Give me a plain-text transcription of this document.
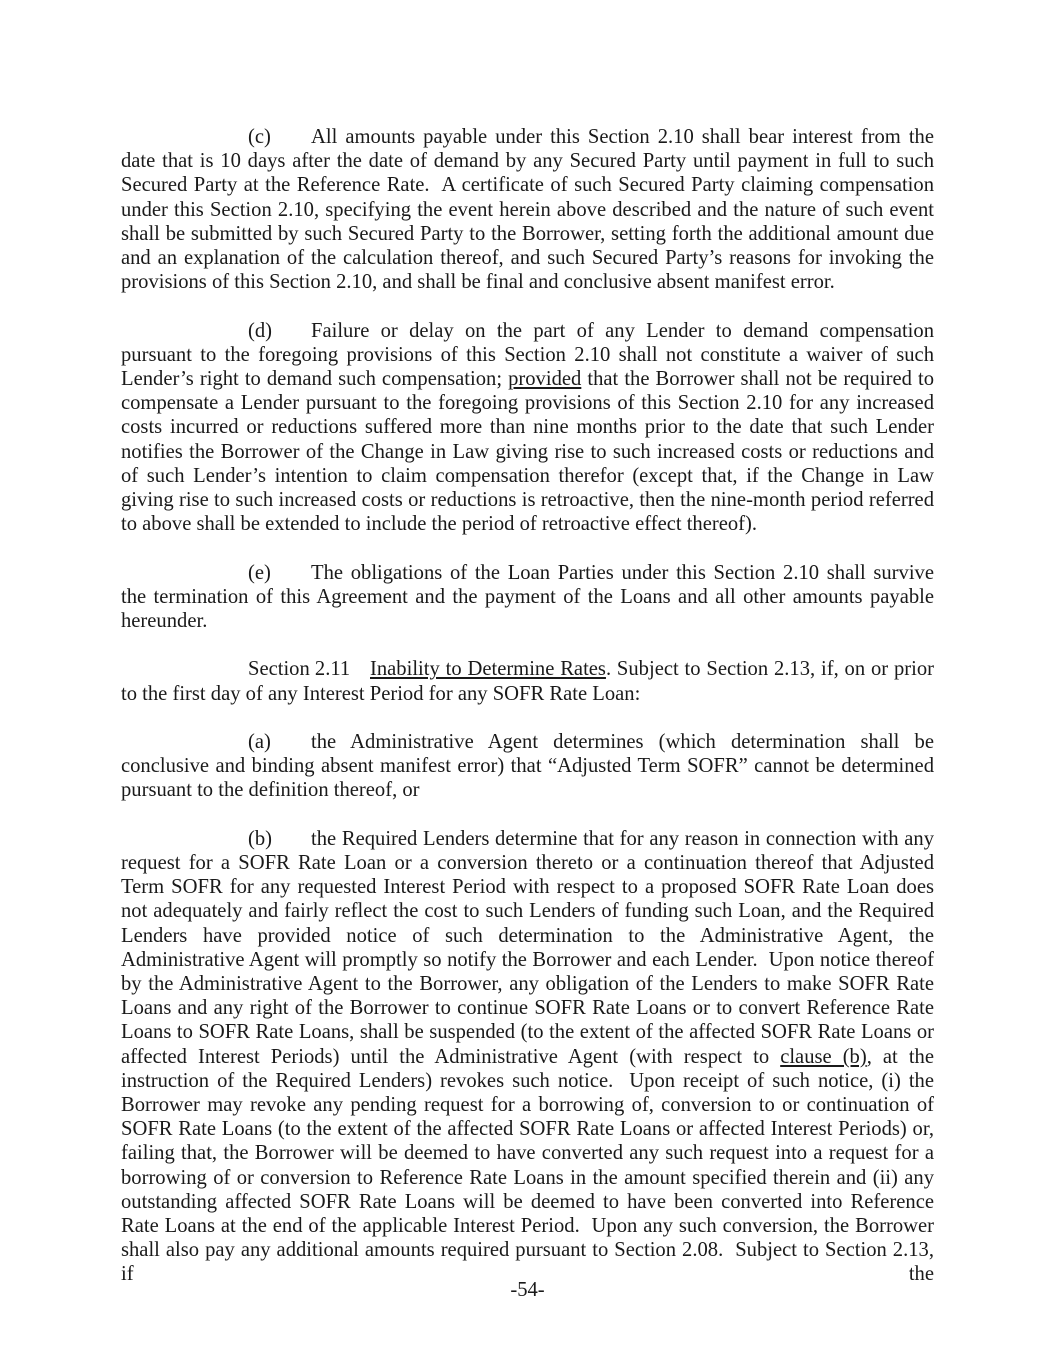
(c) All amounts payable under this Section 2.10 shall bear interest from the date that is 10 days after the date of demand by any Secured Party until payment in full to such Secured Party at the Reference Rate.  A certificate of such Secured Party claiming compensation under this Section 2.10, specifying the event herein above described and the nature of such event shall be submitted by such Secured Party to the Borrower, setting forth the additional amount due and an explanation of the calculation thereof, and such Secured Party’s reasons for invoking the provisions of this Section 2.10, and shall be final and conclusive absent manifest error.

(d) Failure or delay on the part of any Lender to demand compensation pursuant to the foregoing provisions of this Section 2.10 shall not constitute a waiver of such Lender’s right to demand such compensation; provided that the Borrower shall not be required to compensate a Lender pursuant to the foregoing provisions of this Section 2.10 for any increased costs incurred or reductions suffered more than nine months prior to the date that such Lender notifies the Borrower of the Change in Law giving rise to such increased costs or reductions and of such Lender’s intention to claim compensation therefor (except that, if the Change in Law giving rise to such increased costs or reductions is retroactive, then the nine-month period referred to above shall be extended to include the period of retroactive effect thereof).

(e) The obligations of the Loan Parties under this Section 2.10 shall survive the termination of this Agreement and the payment of the Loans and all other amounts payable hereunder.

Section 2.11 Inability to Determine Rates. Subject to Section 2.13, if, on or prior to the first day of any Interest Period for any SOFR Rate Loan:

(a) the Administrative Agent determines (which determination shall be conclusive and binding absent manifest error) that “Adjusted Term SOFR” cannot be determined pursuant to the definition thereof, or

(b) the Required Lenders determine that for any reason in connection with any request for a SOFR Rate Loan or a conversion thereto or a continuation thereof that Adjusted Term SOFR for any requested Interest Period with respect to a proposed SOFR Rate Loan does not adequately and fairly reflect the cost to such Lenders of funding such Loan, and the Required Lenders have provided notice of such determination to the Administrative Agent, the Administrative Agent will promptly so notify the Borrower and each Lender.  Upon notice thereof by the Administrative Agent to the Borrower, any obligation of the Lenders to make SOFR Rate Loans and any right of the Borrower to continue SOFR Rate Loans or to convert Reference Rate Loans to SOFR Rate Loans, shall be suspended (to the extent of the affected SOFR Rate Loans or affected Interest Periods) until the Administrative Agent (with respect to clause (b), at the instruction of the Required Lenders) revokes such notice.  Upon receipt of such notice, (i) the Borrower may revoke any pending request for a borrowing of, conversion to or continuation of SOFR Rate Loans (to the extent of the affected SOFR Rate Loans or affected Interest Periods) or, failing that, the Borrower will be deemed to have converted any such request into a request for a borrowing of or conversion to Reference Rate Loans in the amount specified therein and (ii) any outstanding affected SOFR Rate Loans will be deemed to have been converted into Reference Rate Loans at the end of the applicable Interest Period.  Upon any such conversion, the Borrower shall also pay any additional amounts required pursuant to Section 2.08.  Subject to Section 2.13, if the

-54-
